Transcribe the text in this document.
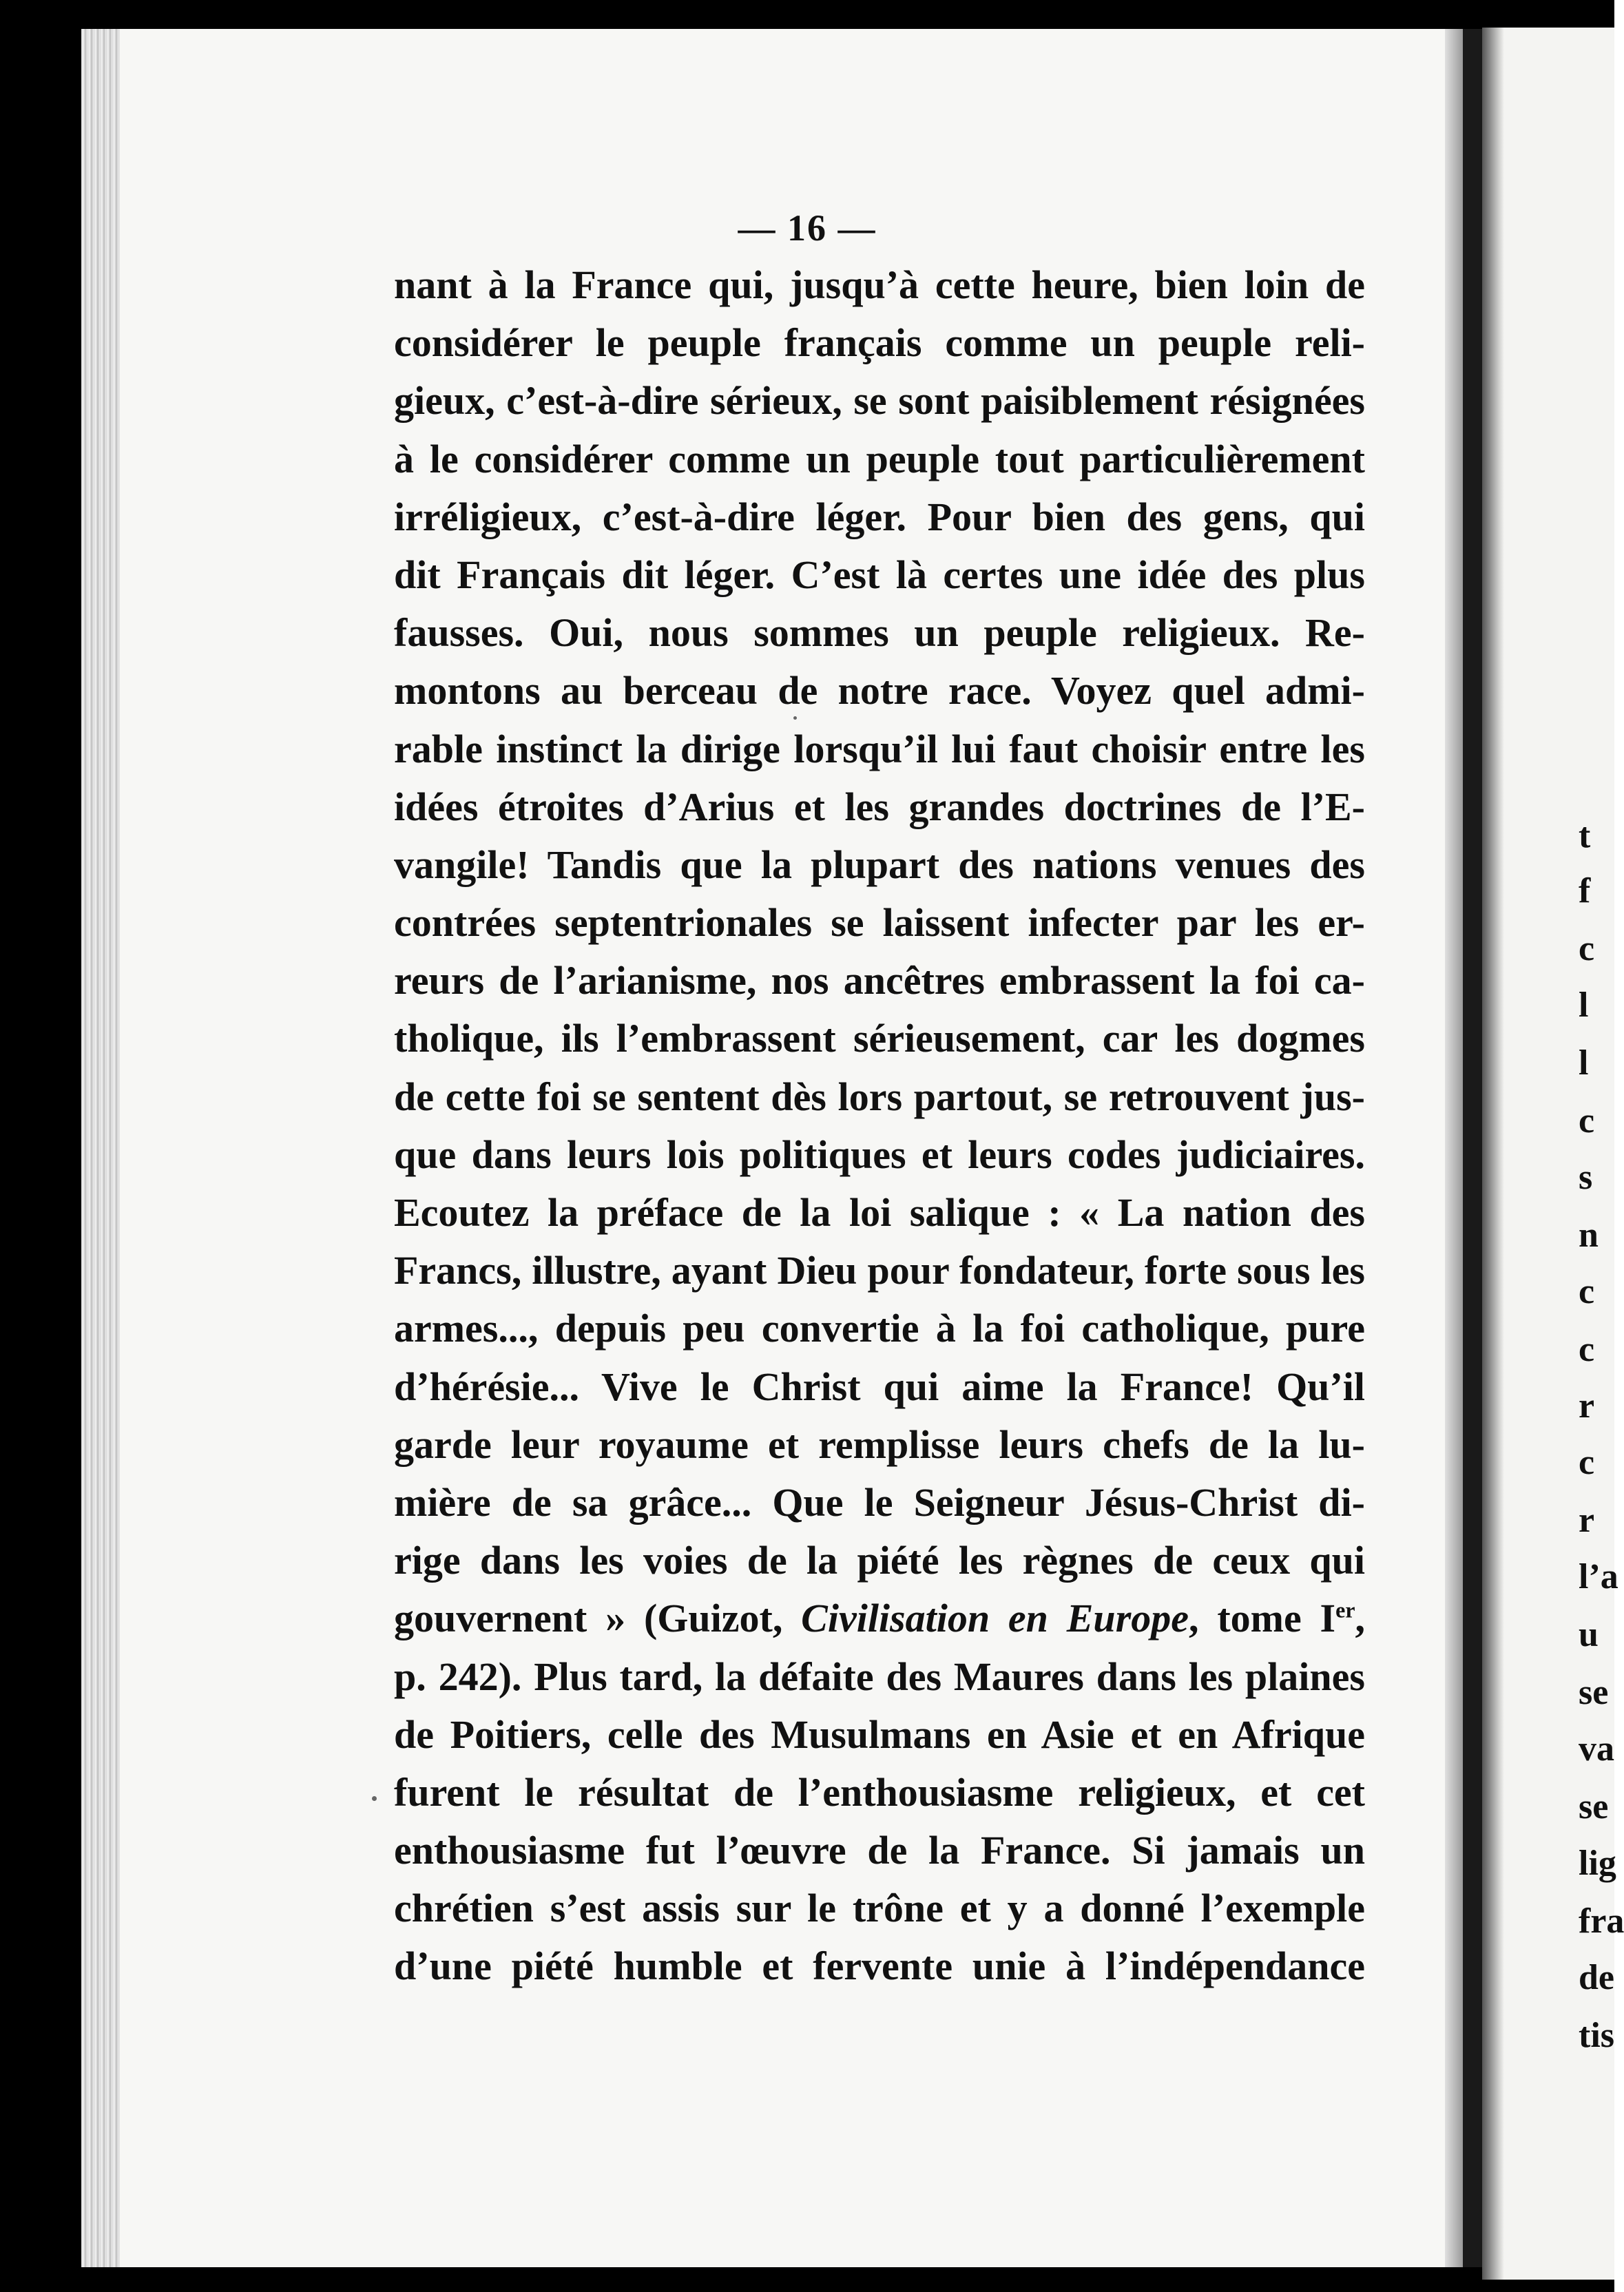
t
f
c
l
l
c
s
n
c
c
r
c
r
l’a
u
se
va
se
lig
fra
de
tis
— 16 —
nant à la France qui, jusqu’à cette heure, bien loin de
considérer le peuple français comme un peuple reli-
gieux, c’est-à-dire sérieux, se sont paisiblement résignées
à le considérer comme un peuple tout particulièrement
irréligieux, c’est-à-dire léger. Pour bien des gens, qui
dit Français dit léger. C’est là certes une idée des plus
fausses. Oui, nous sommes un peuple religieux. Re-
montons au berceau de notre race. Voyez quel admi-
rable instinct la dirige lorsqu’il lui faut choisir entre les
idées étroites d’Arius et les grandes doctrines de l’E-
vangile! Tandis que la plupart des nations venues des
contrées septentrionales se laissent infecter par les er-
reurs de l’arianisme, nos ancêtres embrassent la foi ca-
tholique, ils l’embrassent sérieusement, car les dogmes
de cette foi se sentent dès lors partout, se retrouvent jus-
que dans leurs lois politiques et leurs codes judiciaires.
Ecoutez la préface de la loi salique : « La nation des
Francs, illustre, ayant Dieu pour fondateur, forte sous les
armes..., depuis peu convertie à la foi catholique, pure
d’hérésie... Vive le Christ qui aime la France! Qu’il
garde leur royaume et remplisse leurs chefs de la lu-
mière de sa grâce... Que le Seigneur Jésus-Christ di-
rige dans les voies de la piété les règnes de ceux qui
gouvernent » (Guizot, Civilisation en Europe, tome Ier,
p. 242). Plus tard, la défaite des Maures dans les plaines
de Poitiers, celle des Musulmans en Asie et en Afrique
furent le résultat de l’enthousiasme religieux, et cet
enthousiasme fut l’œuvre de la France. Si jamais un
chrétien s’est assis sur le trône et y a donné l’exemple
d’une piété humble et fervente unie à l’indépendance
